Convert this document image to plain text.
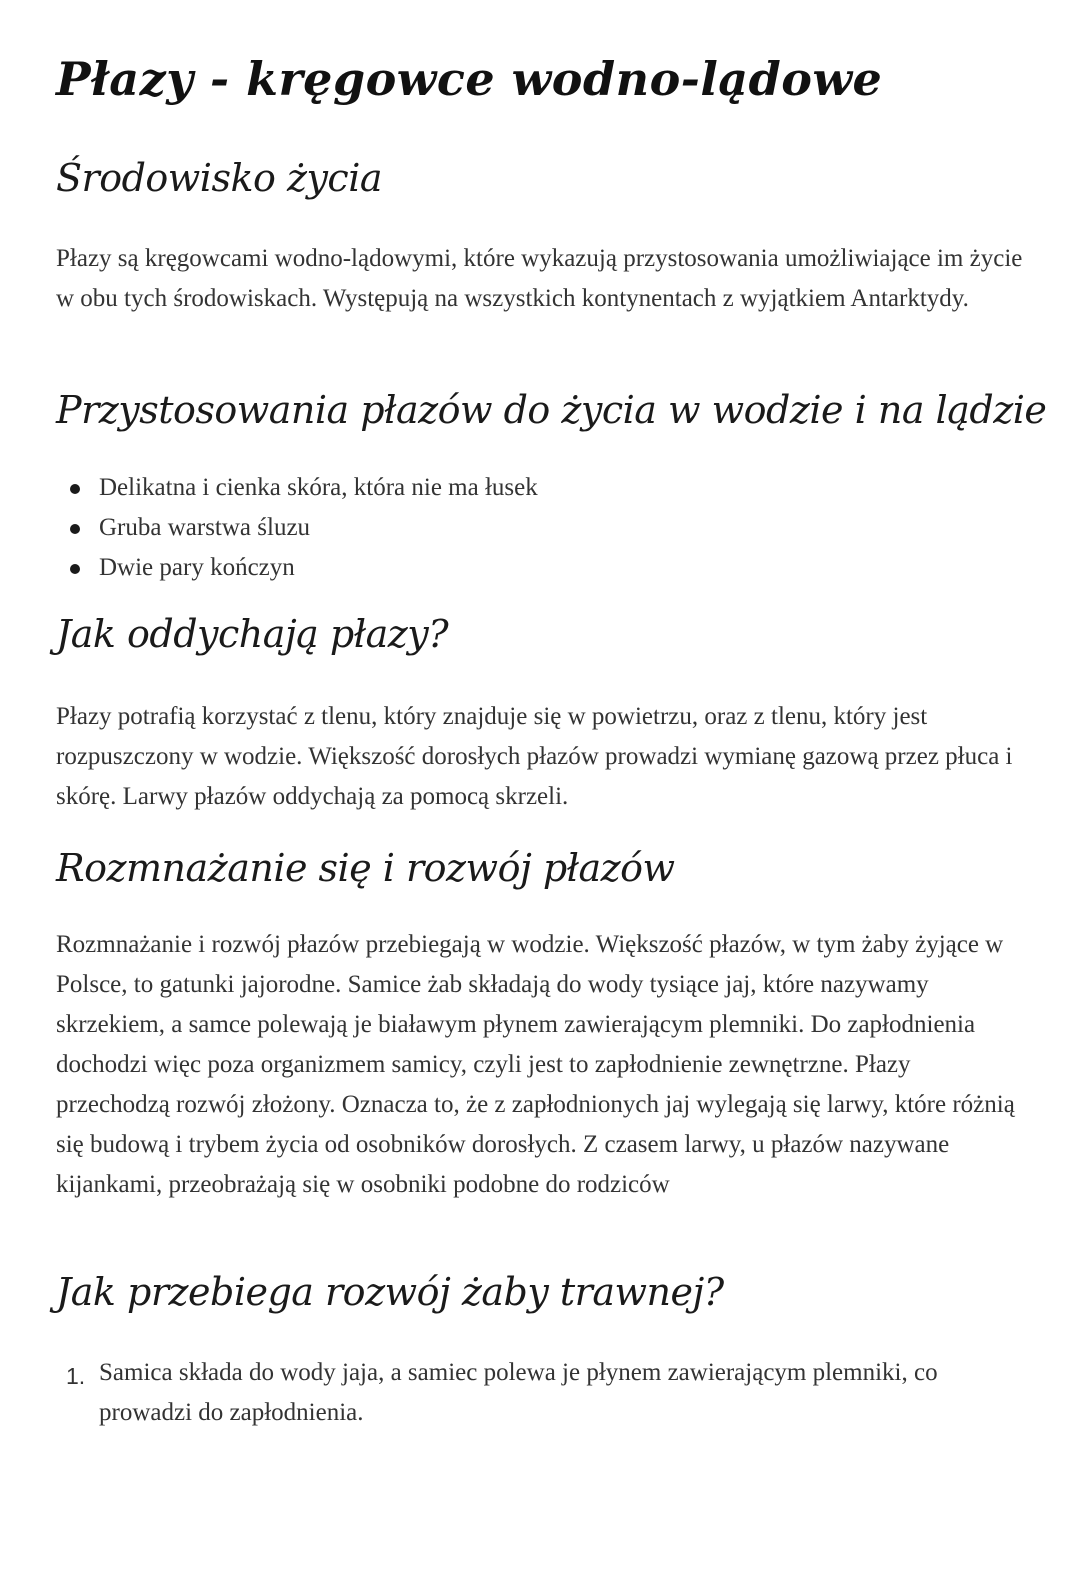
Płazy - kręgowce wodno-lądowe
Środowisko życia

Płazy są kręgowcami wodno-lądowymi, które wykazują przystosowania umożliwiające im życie w obu tych środowiskach. Występują na wszystkich kontynentach z wyjątkiem Antarktydy.

Przystosowania płazów do życia w wodzie i na lądzie
Delikatna i cienka skóra, która nie ma łusek
Gruba warstwa śluzu
Dwie pary kończyn
Jak oddychają płazy?

Płazy potrafią korzystać z tlenu, który znajduje się w powietrzu, oraz z tlenu, który jest rozpuszczony w wodzie. Większość dorosłych płazów prowadzi wymianę gazową przez płuca i skórę. Larwy płazów oddychają za pomocą skrzeli.

Rozmnażanie się i rozwój płazów

Rozmnażanie i rozwój płazów przebiegają w wodzie. Większość płazów, w tym żaby żyjące w Polsce, to gatunki jajorodne. Samice żab składają do wody tysiące jaj, które nazywamy skrzekiem, a samce polewają je białawym płynem zawierającym plemniki. Do zapłodnienia dochodzi więc poza organizmem samicy, czyli jest to zapłodnienie zewnętrzne. Płazy przechodzą rozwój złożony. Oznacza to, że z zapłodnionych jaj wylegają się larwy, które różnią się budową i trybem życia od osobników dorosłych. Z czasem larwy, u płazów nazywane kijankami, przeobrażają się w osobniki podobne do rodziców

Jak przebiega rozwój żaby trawnej?
1. Samica składa do wody jaja, a samiec polewa je płynem zawierającym plemniki, co prowadzi do zapłodnienia.
